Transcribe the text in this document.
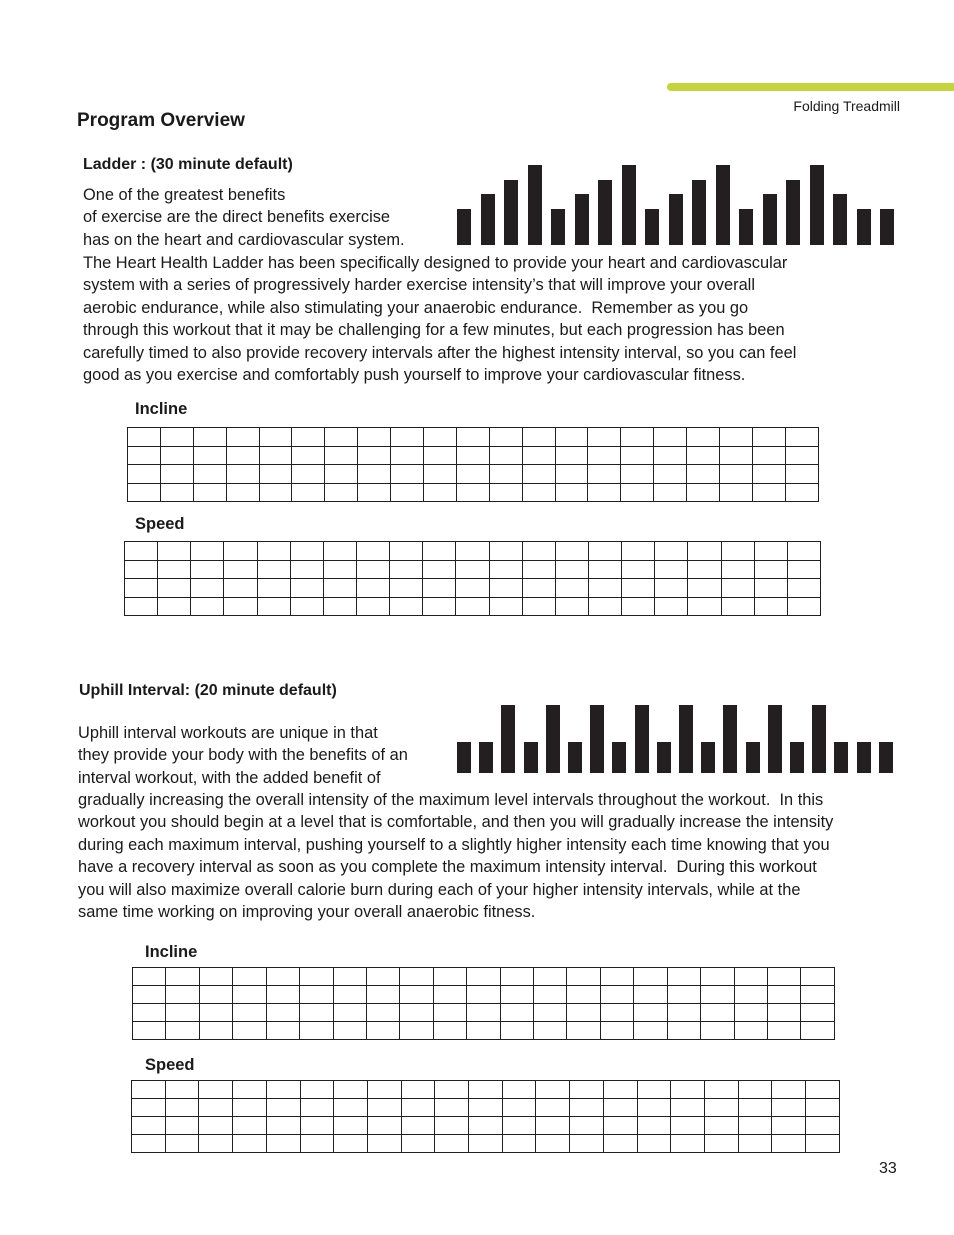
Folding Treadmill
Program Overview
Ladder : (30 minute default)
One of the greatest benefits
of exercise are the direct benefits exercise
has on the heart and cardiovascular system.
The Heart Health Ladder has been specifically designed to provide your heart and cardiovascular
system with a series of progressively harder exercise intensity’s that will improve your overall
aerobic endurance, while also stimulating your anaerobic endurance.  Remember as you go
through this workout that it may be challenging for a few minutes, but each progression has been
carefully timed to also provide recovery intervals after the highest intensity interval, so you can feel
good as you exercise and comfortably push yourself to improve your cardiovascular fitness.
Incline

Speed

Uphill Interval: (20 minute default)
Uphill interval workouts are unique in that
they provide your body with the benefits of an
interval workout, with the added benefit of
gradually increasing the overall intensity of the maximum level intervals throughout the workout.  In this
workout you should begin at a level that is comfortable, and then you will gradually increase the intensity
during each maximum interval, pushing yourself to a slightly higher intensity each time knowing that you
have a recovery interval as soon as you complete the maximum intensity interval.  During this workout
you will also maximize overall calorie burn during each of your higher intensity intervals, while at the
same time working on improving your overall anaerobic fitness.
Incline

Speed

33
